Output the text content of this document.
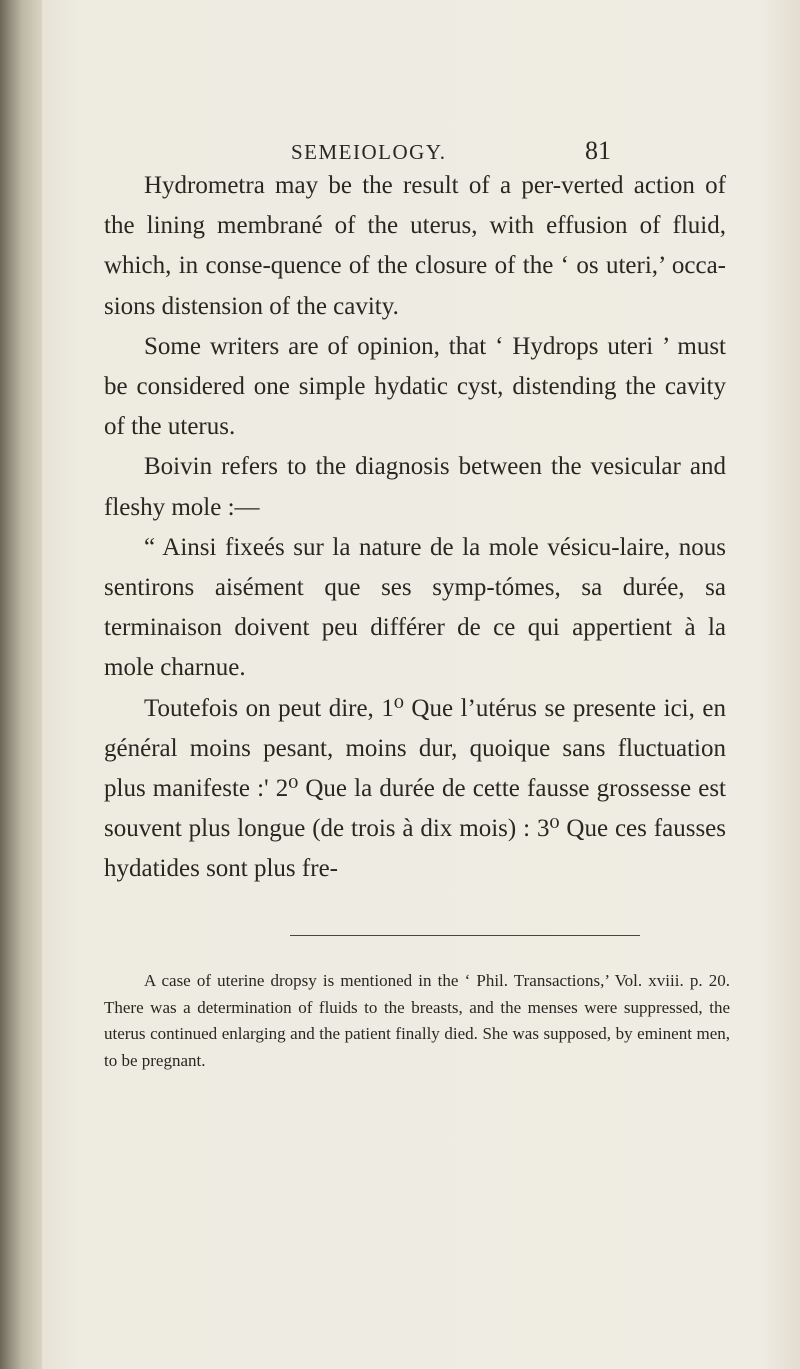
SEMEIOLOGY.	81

Hydrometra may be the result of a per-verted action of the lining membrané of the uterus, with effusion of fluid, which, in conse-quence of the closure of the ‘ os uteri,’ occa-sions distension of the cavity.

Some writers are of opinion, that ‘ Hydrops uteri ’ must be considered one simple hydatic cyst, distending the cavity of the uterus.

Boivin refers to the diagnosis between the vesicular and fleshy mole :—

“ Ainsi fixeés sur la nature de la mole vésicu-laire, nous sentirons aisément que ses symp-tómes, sa durée, sa terminaison doivent peu différer de ce qui appertient à la mole charnue.

Toutefois on peut dire, 1⁰ Que l’utérus se presente ici, en général moins pesant, moins dur, quoique sans fluctuation plus manifeste :' 2⁰ Que la durée de cette fausse grossesse est souvent plus longue (de trois à dix mois) : 3⁰ Que ces fausses hydatides sont plus fre-

A case of uterine dropsy is mentioned in the ‘ Phil. Transactions,’ Vol. xviii. p. 20. There was a determination of fluids to the breasts, and the menses were suppressed, the uterus continued enlarging and the patient finally died. She was supposed, by eminent men, to be pregnant.
